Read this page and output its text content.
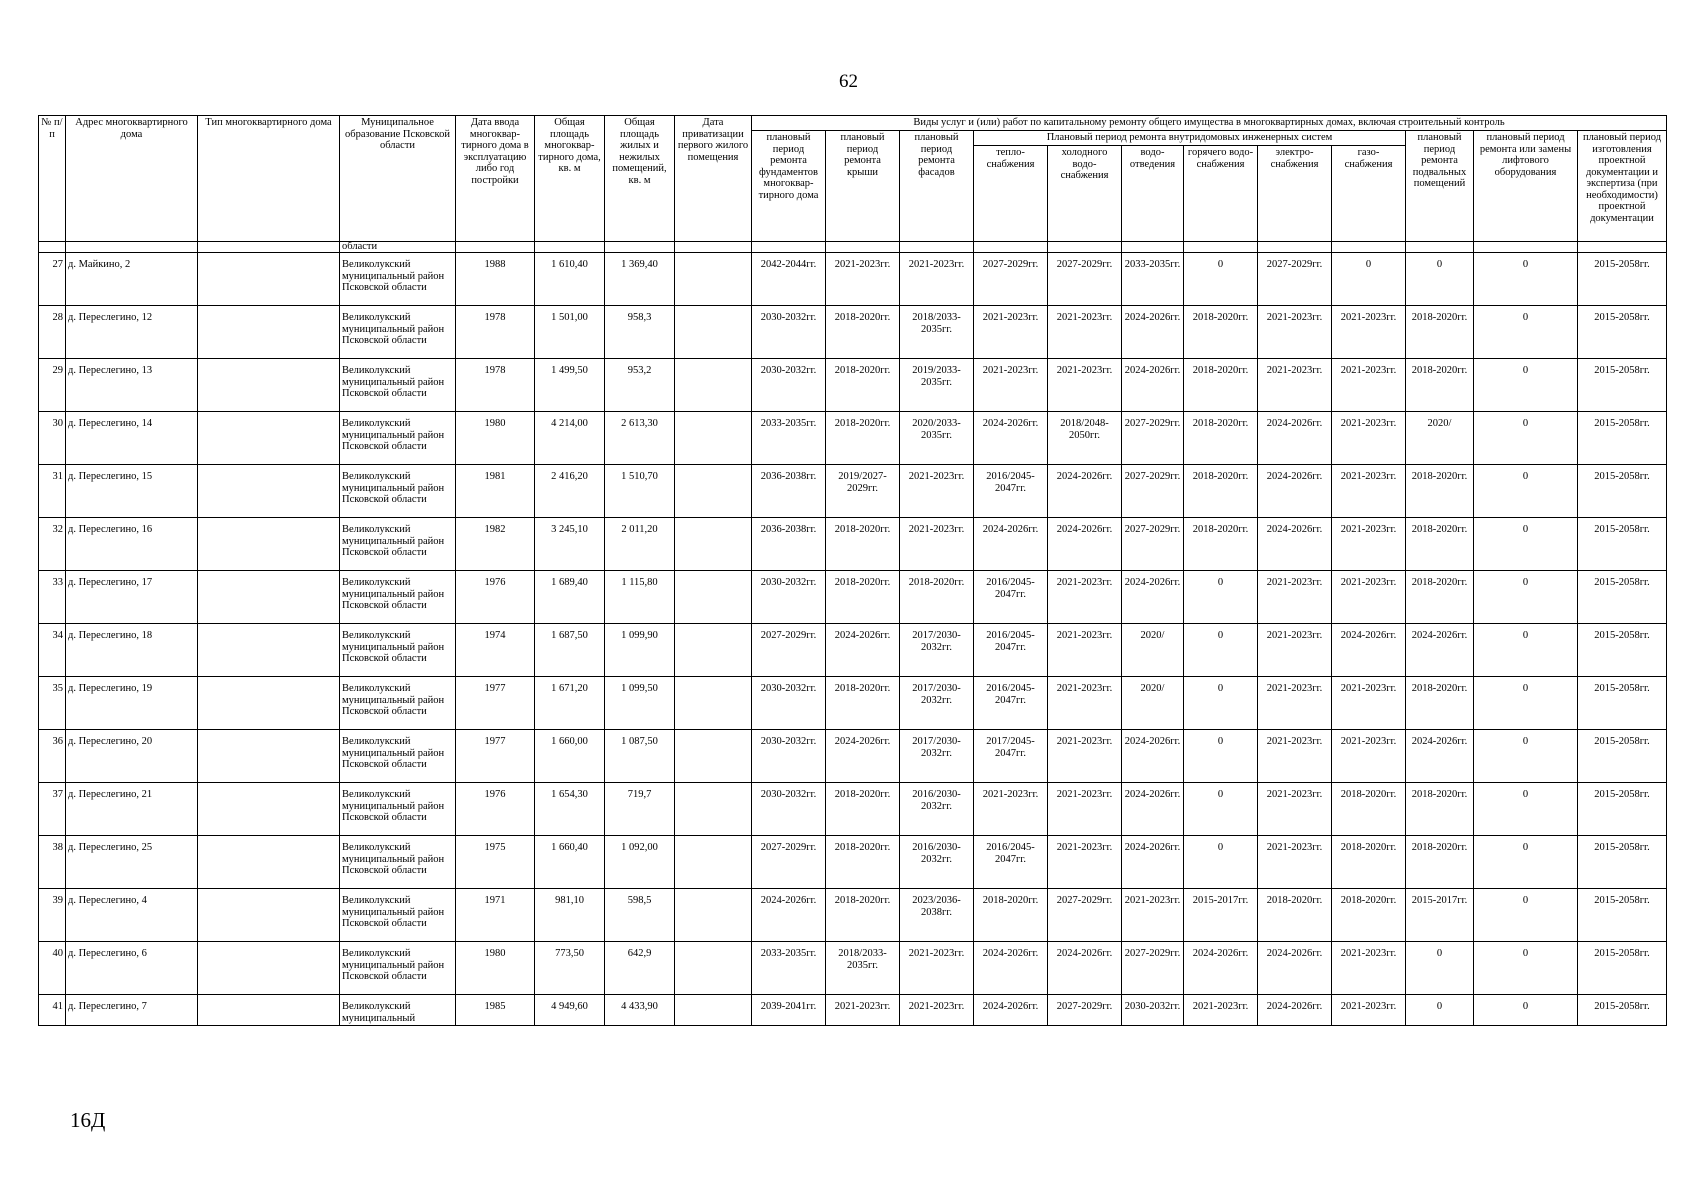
62
№ п/п	Адрес многоквартирного дома	Тип многоквартирного дома	Муниципальное образование Псковской области	Дата ввода многоквар-тирного дома в эксплуатацию либо год постройки	Общая площадь многоквар-тирного дома, кв. м	Общая площадь жилых и нежилых помещений, кв. м	Дата приватизации первого жилого помещения	Виды услуг и (или) работ по капитальному ремонту общего имущества в многоквартирных домах, включая строительный контроль											
								плановый период ремонта фундаментов многоквар-тирного дома	плановый период ремонта крыши	плановый период ремонта фасадов	Плановый период ремонта внутридомовых инженерных систем						плановый период ремонта подвальных помещений	плановый период ремонта или замены лифтового оборудования	плановый период изготовления проектной документации и экспертиза (при необходимости) проектной документации
											тепло-снабжения	холодного водо-снабжения	водо-отведения	горячего водо-снабжения	электро-снабжения	газо-снабжения			
			области																
27	д. Майкино, 2		Великолукский муниципальный район Псковской области	1988	1 610,40	1 369,40		2042-2044гг.	2021-2023гг.	2021-2023гг.	2027-2029гг.	2027-2029гг.	2033-2035гг.	0	2027-2029гг.	0	0	0	2015-2058гг.
28	д. Переслегино, 12		Великолукский муниципальный район Псковской области	1978	1 501,00	958,3		2030-2032гг.	2018-2020гг.	2018/2033-2035гг.	2021-2023гг.	2021-2023гг.	2024-2026гг.	2018-2020гг.	2021-2023гг.	2021-2023гг.	2018-2020гг.	0	2015-2058гг.
29	д. Переслегино, 13		Великолукский муниципальный район Псковской области	1978	1 499,50	953,2		2030-2032гг.	2018-2020гг.	2019/2033-2035гг.	2021-2023гг.	2021-2023гг.	2024-2026гг.	2018-2020гг.	2021-2023гг.	2021-2023гг.	2018-2020гг.	0	2015-2058гг.
30	д. Переслегино, 14		Великолукский муниципальный район Псковской области	1980	4 214,00	2 613,30		2033-2035гг.	2018-2020гг.	2020/2033-2035гг.	2024-2026гг.	2018/2048-2050гг.	2027-2029гг.	2018-2020гг.	2024-2026гг.	2021-2023гг.	2020/	0	2015-2058гг.
31	д. Переслегино, 15		Великолукский муниципальный район Псковской области	1981	2 416,20	1 510,70		2036-2038гг.	2019/2027-2029гг.	2021-2023гг.	2016/2045-2047гг.	2024-2026гг.	2027-2029гг.	2018-2020гг.	2024-2026гг.	2021-2023гг.	2018-2020гг.	0	2015-2058гг.
32	д. Переслегино, 16		Великолукский муниципальный район Псковской области	1982	3 245,10	2 011,20		2036-2038гг.	2018-2020гг.	2021-2023гг.	2024-2026гг.	2024-2026гг.	2027-2029гг.	2018-2020гг.	2024-2026гг.	2021-2023гг.	2018-2020гг.	0	2015-2058гг.
33	д. Переслегино, 17		Великолукский муниципальный район Псковской области	1976	1 689,40	1 115,80		2030-2032гг.	2018-2020гг.	2018-2020гг.	2016/2045-2047гг.	2021-2023гг.	2024-2026гг.	0	2021-2023гг.	2021-2023гг.	2018-2020гг.	0	2015-2058гг.
34	д. Переслегино, 18		Великолукский муниципальный район Псковской области	1974	1 687,50	1 099,90		2027-2029гг.	2024-2026гг.	2017/2030-2032гг.	2016/2045-2047гг.	2021-2023гг.	2020/	0	2021-2023гг.	2024-2026гг.	2024-2026гг.	0	2015-2058гг.
35	д. Переслегино, 19		Великолукский муниципальный район Псковской области	1977	1 671,20	1 099,50		2030-2032гг.	2018-2020гг.	2017/2030-2032гг.	2016/2045-2047гг.	2021-2023гг.	2020/	0	2021-2023гг.	2021-2023гг.	2018-2020гг.	0	2015-2058гг.
36	д. Переслегино, 20		Великолукский муниципальный район Псковской области	1977	1 660,00	1 087,50		2030-2032гг.	2024-2026гг.	2017/2030-2032гг.	2017/2045-2047гг.	2021-2023гг.	2024-2026гг.	0	2021-2023гг.	2021-2023гг.	2024-2026гг.	0	2015-2058гг.
37	д. Переслегино, 21		Великолукский муниципальный район Псковской области	1976	1 654,30	719,7		2030-2032гг.	2018-2020гг.	2016/2030-2032гг.	2021-2023гг.	2021-2023гг.	2024-2026гг.	0	2021-2023гг.	2018-2020гг.	2018-2020гг.	0	2015-2058гг.
38	д. Переслегино, 25		Великолукский муниципальный район Псковской области	1975	1 660,40	1 092,00		2027-2029гг.	2018-2020гг.	2016/2030-2032гг.	2016/2045-2047гг.	2021-2023гг.	2024-2026гг.	0	2021-2023гг.	2018-2020гг.	2018-2020гг.	0	2015-2058гг.
39	д. Переслегино, 4		Великолукский муниципальный район Псковской области	1971	981,10	598,5		2024-2026гг.	2018-2020гг.	2023/2036-2038гг.	2018-2020гг.	2027-2029гг.	2021-2023гг.	2015-2017гг.	2018-2020гг.	2018-2020гг.	2015-2017гг.	0	2015-2058гг.
40	д. Переслегино, 6		Великолукский муниципальный район Псковской области	1980	773,50	642,9		2033-2035гг.	2018/2033-2035гг.	2021-2023гг.	2024-2026гг.	2024-2026гг.	2027-2029гг.	2024-2026гг.	2024-2026гг.	2021-2023гг.	0	0	2015-2058гг.
41	д. Переслегино, 7		Великолукский муниципальный	1985	4 949,60	4 433,90		2039-2041гг.	2021-2023гг.	2021-2023гг.	2024-2026гг.	2027-2029гг.	2030-2032гг.	2021-2023гг.	2024-2026гг.	2021-2023гг.	0	0	2015-2058гг.
16Д
